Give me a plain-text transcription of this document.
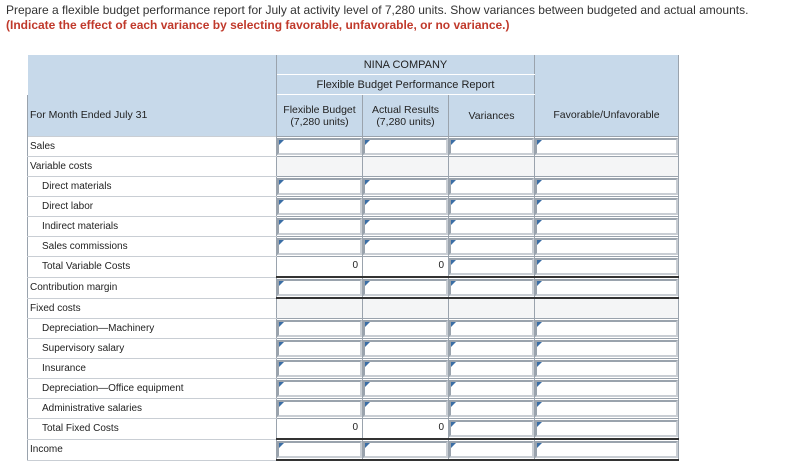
Prepare a flexible budget performance report for July at activity level of 7,280 units. Show variances between budgeted and actual amounts. (Indicate the effect of each variance by selecting favorable, unfavorable, or no variance.)
	NINA COMPANY			
	Flexible Budget Performance Report			
For Month Ended July 31	Flexible Budget (7,280 units)	Actual Results (7,280 units)	Variances	Favorable/Unfavorable
Sales	

Variable costs				
Direct materials	

Direct labor	

Indirect materials	

Sales commissions	

Total Variable Costs	0	0		

Contribution margin	

Fixed costs				
Depreciation—Machinery	

Supervisory salary	

Insurance	

Depreciation—Office equipment	

Administrative salaries	

Total Fixed Costs	0	0		

Income	
